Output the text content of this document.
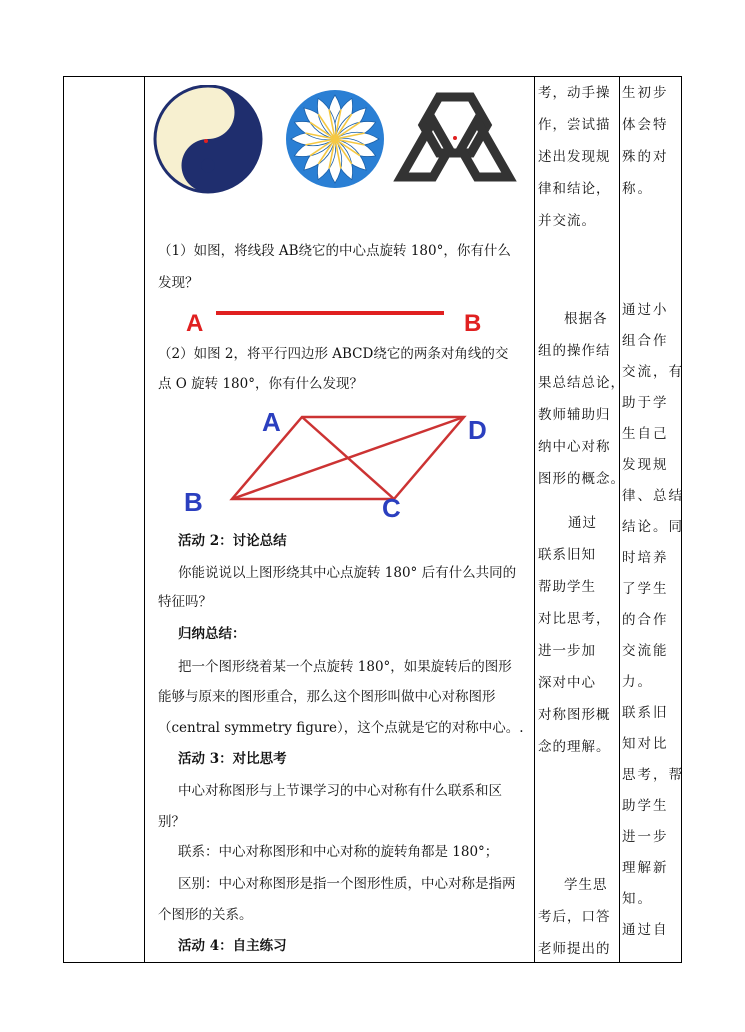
（1）如图，将线段 AB绕它的中心点旋转 180°，你有什么
发现？
A	B
（2）如图 2，将平行四边形 ABCD绕它的两条对角线的交
点 O 旋转 180°，你有什么发现？
A
B	C
D
活动 2：讨论总结
你能说说以上图形绕其中心点旋转 180° 后有什么共同的
特征吗？
归纳总结：
把一个图形绕着某一个点旋转 180°，如果旋转后的图形
能够与原来的图形重合，那么这个图形叫做中心对称图形
（central symmetry figure），这个点就是它的对称中心。.
活动 3：对比思考
中心对称图形与上节课学习的中心对称有什么联系和区
别？
联系：中心对称图形和中心对称的旋转角都是 180°；
区别：中心对称图形是指一个图形性质，中心对称是指两
个图形的关系。
活动 4：自主练习
考，动手操
作，尝试描
述出发现规
律和结论，
并交流。
根据各
组的操作结
果总结总论，
教师辅助归
纳中心对称
图形的概念。
通过
联系旧知
帮助学生
对比思考，
进一步加
深对中心
对称图形概
念的理解。
学生思
考后，口答
老师提出的
生初步
体会特
殊的对
称。
通过小
组合作
交流，有
助于学
生自己
发现规
律、总结
结论。同
时培养
了学生
的合作
交流能
力。
联系旧
知对比
思考，帮
助学生
进一步
理解新
知。
通过自
